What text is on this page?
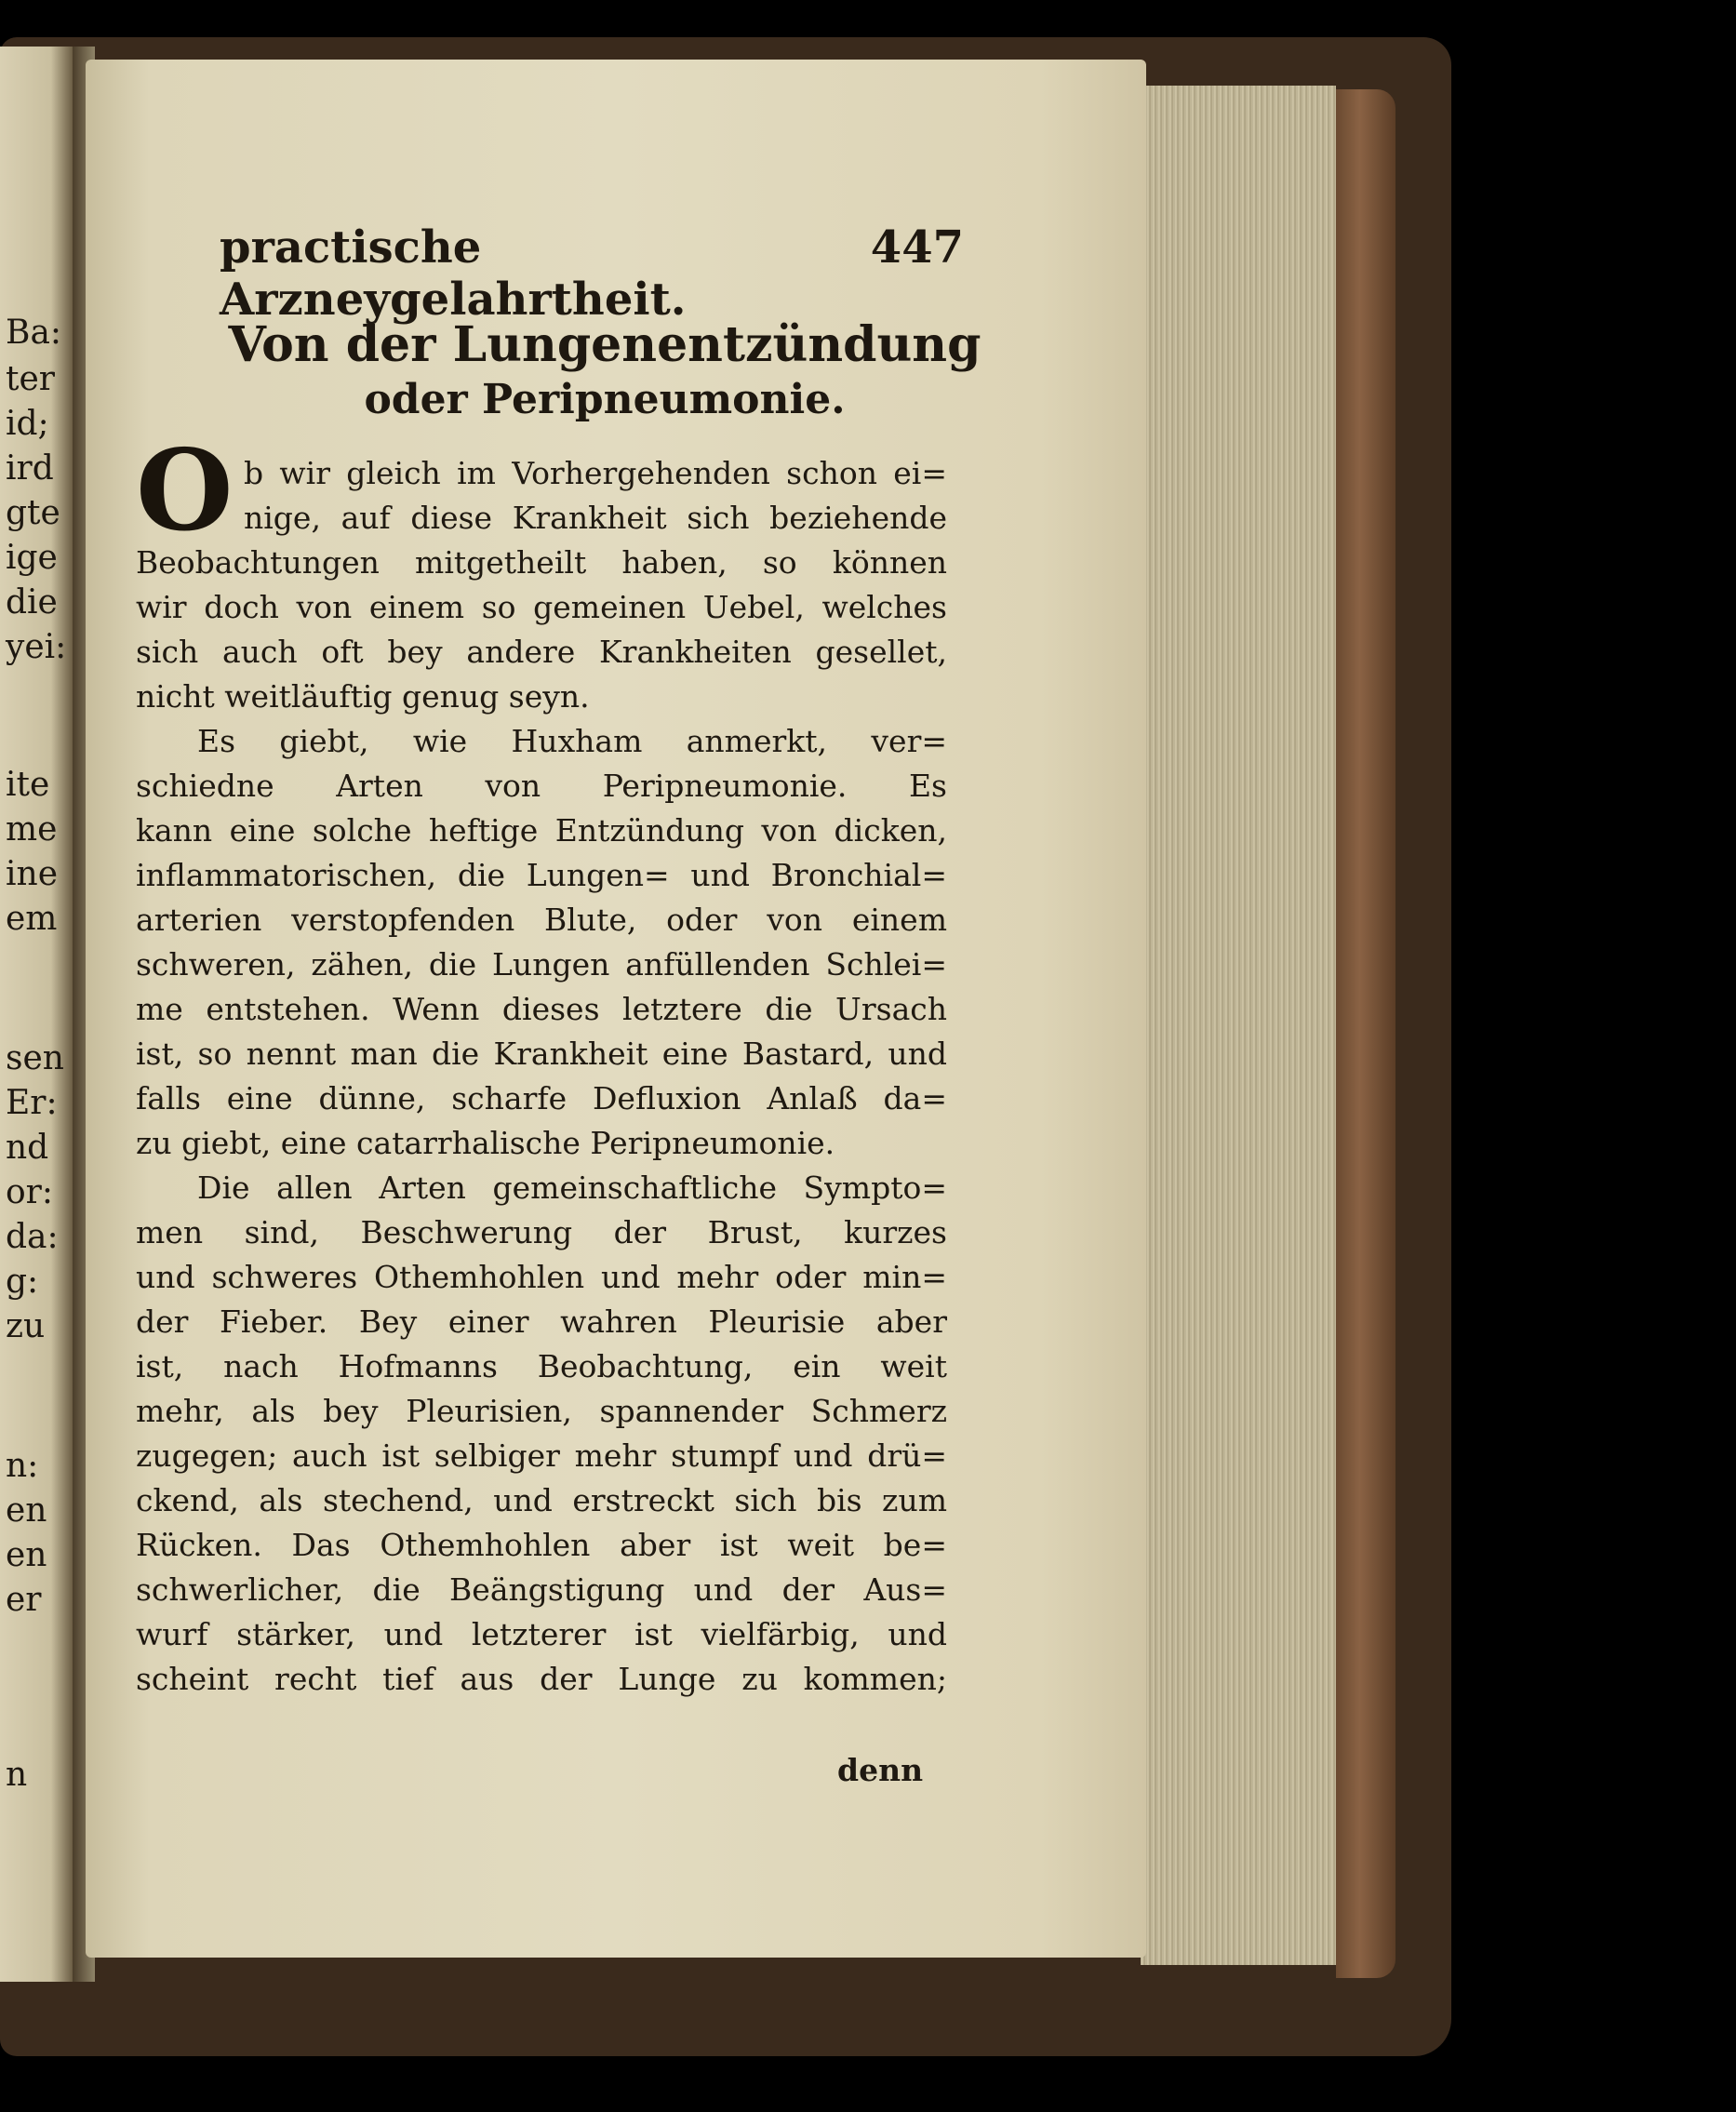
Ba:
ter
id;
ird
gte
ige
die
yei:
ite
me
ine
em
sen
Er:
nd
or:
da:
g:
zu
n:
en
en
er
n
practische Arzneygelahrtheit.
447
Von der Lungenentzündung
oder Peripneumonie.
O b wir gleich im Vorhergehenden schon ei=
nige, auf diese Krankheit sich beziehende
Beobachtungen mitgetheilt haben, so können
wir doch von einem so gemeinen Uebel, welches
sich auch oft bey andere Krankheiten gesellet,
nicht weitläuftig genug seyn.
Es giebt, wie Huxham anmerkt, ver=
schiedne Arten von Peripneumonie. Es
kann eine solche heftige Entzündung von dicken,
inflammatorischen, die Lungen= und Bronchial=
arterien verstopfenden Blute, oder von einem
schweren, zähen, die Lungen anfüllenden Schlei=
me entstehen. Wenn dieses letztere die Ursach
ist, so nennt man die Krankheit eine Bastard, und
falls eine dünne, scharfe Defluxion Anlaß da=
zu giebt, eine catarrhalische Peripneumonie.
Die allen Arten gemeinschaftliche Sympto=
men sind, Beschwerung der Brust, kurzes
und schweres Othemhohlen und mehr oder min=
der Fieber. Bey einer wahren Pleurisie aber
ist, nach Hofmanns Beobachtung, ein weit
mehr, als bey Pleurisien, spannender Schmerz
zugegen; auch ist selbiger mehr stumpf und drü=
ckend, als stechend, und erstreckt sich bis zum
Rücken. Das Othemhohlen aber ist weit be=
schwerlicher, die Beängstigung und der Aus=
wurf stärker, und letzterer ist vielfärbig, und
scheint recht tief aus der Lunge zu kommen;
denn
